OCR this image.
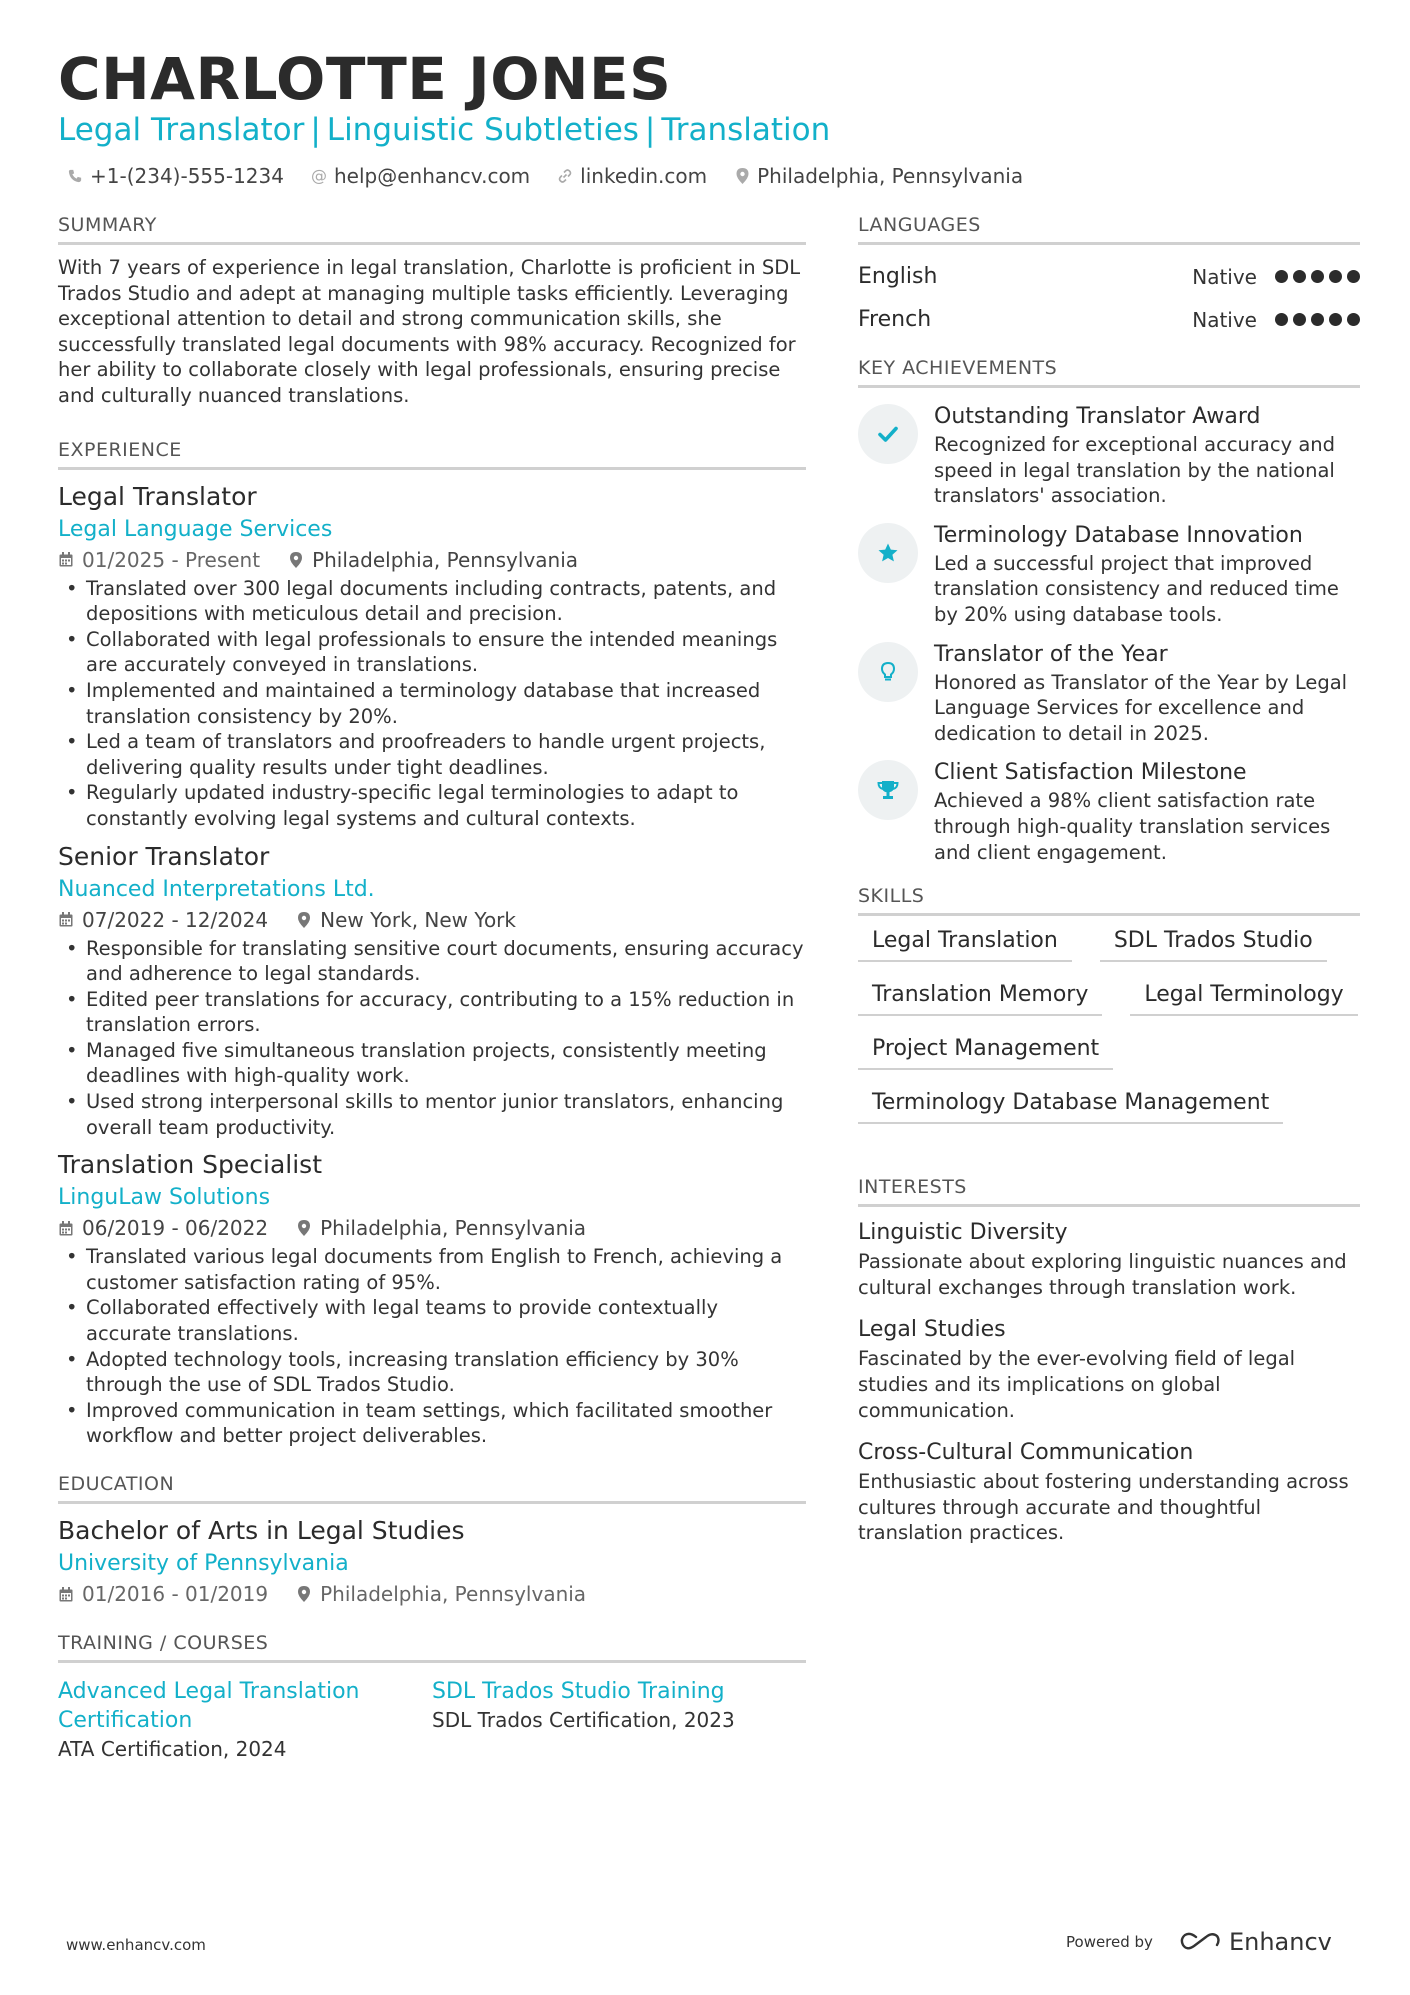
CHARLOTTE JONES
Legal Translator | Linguistic Subtleties | Translation
+1-(234)-555-1234 @ help@enhancv.com	linkedin.com	Philadelphia, Pennsylvania
SUMMARY
With 7 years of experience in legal translation, Charlotte is proficient in SDL Trados Studio and adept at managing multiple tasks efficiently. Leveraging exceptional attention to detail and strong communication skills, she successfully translated legal documents with 98% accuracy. Recognized for her ability to collaborate closely with legal professionals, ensuring precise and culturally nuanced translations.
EXPERIENCE
Legal Translator
Legal Language Services
01/2025 - Present	Philadelphia, Pennsylvania
• Translated over 300 legal documents including contracts, patents, and depositions with meticulous detail and precision.
• Collaborated with legal professionals to ensure the intended meanings are accurately conveyed in translations.
• Implemented and maintained a terminology database that increased translation consistency by 20%.
• Led a team of translators and proofreaders to handle urgent projects, delivering quality results under tight deadlines.
• Regularly updated industry-specific legal terminologies to adapt to constantly evolving legal systems and cultural contexts.
Senior Translator
Nuanced Interpretations Ltd.
07/2022 - 12/2024	New York, New York
• Responsible for translating sensitive court documents, ensuring accuracy and adherence to legal standards.
• Edited peer translations for accuracy, contributing to a 15% reduction in translation errors.
• Managed five simultaneous translation projects, consistently meeting deadlines with high-quality work.
• Used strong interpersonal skills to mentor junior translators, enhancing overall team productivity.
Translation Specialist
LinguLaw Solutions
06/2019 - 06/2022	Philadelphia, Pennsylvania
• Translated various legal documents from English to French, achieving a customer satisfaction rating of 95%.
• Collaborated effectively with legal teams to provide contextually accurate translations.
• Adopted technology tools, increasing translation efficiency by 30% through the use of SDL Trados Studio.
• Improved communication in team settings, which facilitated smoother workflow and better project deliverables.
EDUCATION
Bachelor of Arts in Legal Studies
University of Pennsylvania
01/2016 - 01/2019	Philadelphia, Pennsylvania
TRAINING / COURSES
Advanced Legal Translation Certification
ATA Certification, 2024
SDL Trados Studio Training
SDL Trados Certification, 2023
LANGUAGES
English	Native
French	Native
KEY ACHIEVEMENTS
Outstanding Translator Award
Recognized for exceptional accuracy and speed in legal translation by the national translators' association.
Terminology Database Innovation
Led a successful project that improved translation consistency and reduced time by 20% using database tools.
Translator of the Year
Honored as Translator of the Year by Legal Language Services for excellence and dedication to detail in 2025.
Client Satisfaction Milestone
Achieved a 98% client satisfaction rate through high-quality translation services and client engagement.
SKILLS
Legal Translation	SDL Trados Studio
Translation Memory	Legal Terminology
Project Management
Terminology Database Management
INTERESTS
Linguistic Diversity
Passionate about exploring linguistic nuances and cultural exchanges through translation work.
Legal Studies
Fascinated by the ever-evolving field of legal studies and its implications on global communication.
Cross-Cultural Communication
Enthusiastic about fostering understanding across cultures through accurate and thoughtful translation practices.
www.enhancv.com	Powered by	Enhancv
